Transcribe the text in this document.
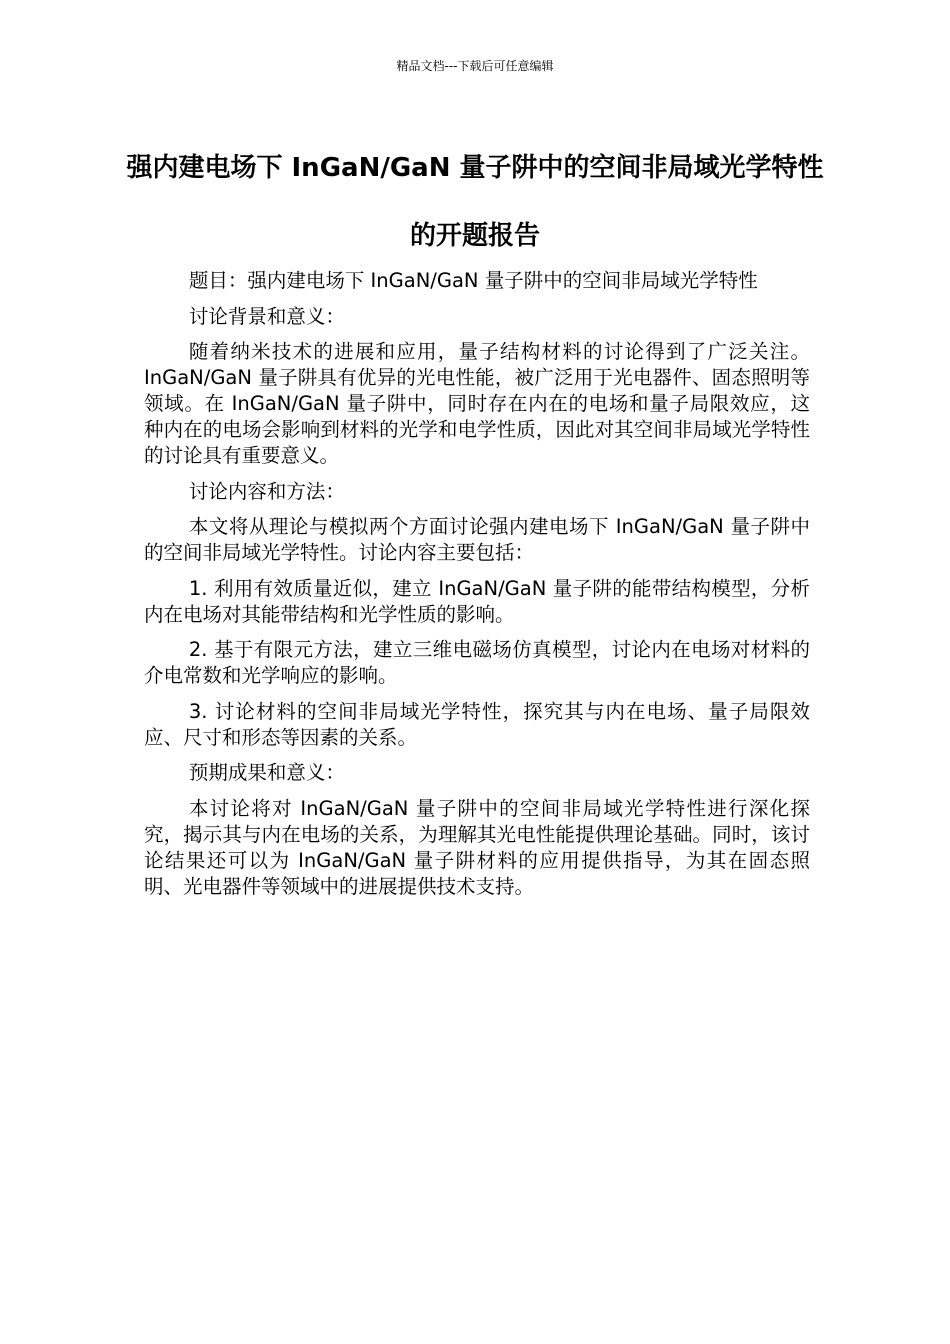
精品文档---下载后可任意编辑
强内建电场下 InGaN/GaN 量子阱中的空间非局域光学特性的开题报告

题目：强内建电场下 InGaN/GaN 量子阱中的空间非局域光学特性

讨论背景和意义：

随着纳米技术的进展和应用，量子结构材料的讨论得到了广泛关注。InGaN/GaN 量子阱具有优异的光电性能，被广泛用于光电器件、固态照明等领域。在 InGaN/GaN 量子阱中，同时存在内在的电场和量子局限效应，这种内在的电场会影响到材料的光学和电学性质，因此对其空间非局域光学特性的讨论具有重要意义。

讨论内容和方法：

本文将从理论与模拟两个方面讨论强内建电场下 InGaN/GaN 量子阱中的空间非局域光学特性。讨论内容主要包括：

1. 利用有效质量近似，建立 InGaN/GaN 量子阱的能带结构模型，分析内在电场对其能带结构和光学性质的影响。

2. 基于有限元方法，建立三维电磁场仿真模型，讨论内在电场对材料的介电常数和光学响应的影响。

3. 讨论材料的空间非局域光学特性，探究其与内在电场、量子局限效应、尺寸和形态等因素的关系。

预期成果和意义：

本讨论将对 InGaN/GaN 量子阱中的空间非局域光学特性进行深化探究，揭示其与内在电场的关系，为理解其光电性能提供理论基础。同时，该讨论结果还可以为 InGaN/GaN 量子阱材料的应用提供指导，为其在固态照明、光电器件等领域中的进展提供技术支持。
